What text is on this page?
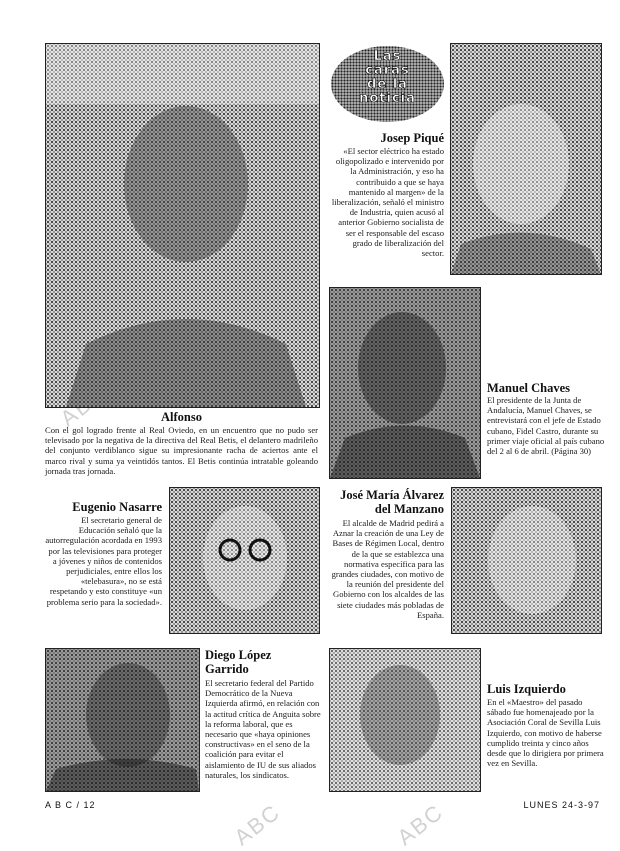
ABC	ABC
Alfonso
Con el gol logrado frente al Real Oviedo, en un encuentro que no pudo ser televisado por la negativa de la directiva del Real Betis, el delantero madrileño del conjunto verdiblanco sigue su impresionante racha de aciertos ante el marco rival y suma ya veintidós tantos. El Betis continúa intratable goleando jornada tras jornada.
Las
caras
de la
noticia
Josep Piqué
«El sector eléctrico ha estado oligopolizado e intervenido por la Administración, y eso ha contribuido a que se haya mantenido al margen» de la liberalización, señaló el ministro de Industria, quien acusó al anterior Gobierno socialista de ser el responsable del escaso grado de liberalización del sector.
Manuel Chaves
El presidente de la Junta de Andalucía, Manuel Chaves, se entrevistará con el jefe de Estado cubano, Fidel Castro, durante su primer viaje oficial al país cubano del 2 al 6 de abril. (Página 30)
Eugenio Nasarre
El secretario general de Educación señaló que la autorregulación acordada en 1993 por las televisiones para proteger a jóvenes y niños de contenidos perjudiciales, entre ellos los «telebasura», no se está respetando y esto constituye «un problema serio para la sociedad».
José María Álvarez
del Manzano
El alcalde de Madrid pedirá a Aznar la creación de una Ley de Bases de Régimen Local, dentro de la que se establezca una normativa específica para las grandes ciudades, con motivo de la reunión del presidente del Gobierno con los alcaldes de las siete ciudades más pobladas de España.
Diego López
Garrido
El secretario federal del Partido Democrático de la Nueva Izquierda afirmó, en relación con la actitud crítica de Anguita sobre la reforma laboral, que es necesario que «haya opiniones constructivas» en el seno de la coalición para evitar el aislamiento de IU de sus aliados naturales, los sindicatos.
Luis Izquierdo
En el «Maestro» del pasado sábado fue homenajeado por la Asociación Coral de Sevilla Luis Izquierdo, con motivo de haberse cumplido treinta y cinco años desde que lo dirigiera por primera vez en Sevilla.
A B C / 12	LUNES 24-3-97
